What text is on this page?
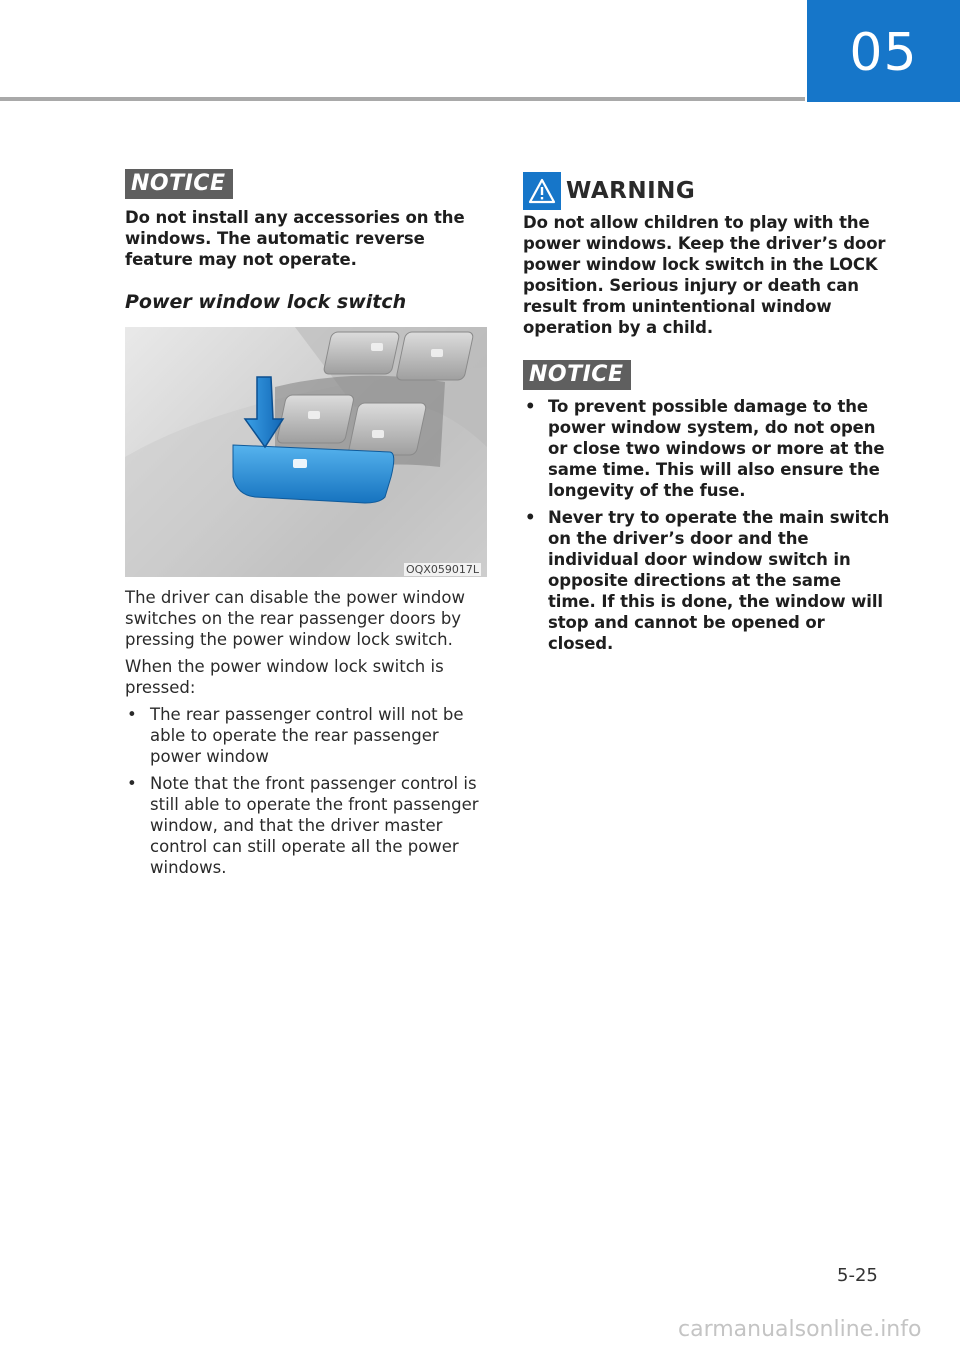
05
NOTICE

Do not install any accessories on the windows. The automatic reverse feature may not operate.

Power window lock switch
OQX059017L

The driver can disable the power window switches on the rear passenger doors by pressing the power window lock switch.

When the power window lock switch is pressed:

• The rear passenger control will not be able to operate the rear passenger power window
• Note that the front passenger control is still able to operate the front passenger window, and that the driver master control can still operate all the power windows.
WARNING

Do not allow children to play with the power windows. Keep the driver’s door power window lock switch in the LOCK position. Serious injury or death can result from unintentional window operation by a child.

NOTICE
• To prevent possible damage to the power window system, do not open or close two windows or more at the same time. This will also ensure the longevity of the fuse.
• Never try to operate the main switch on the driver’s door and the individual door window switch in opposite directions at the same time. If this is done, the window will stop and cannot be opened or closed.
5-25
carmanualsonline.info
